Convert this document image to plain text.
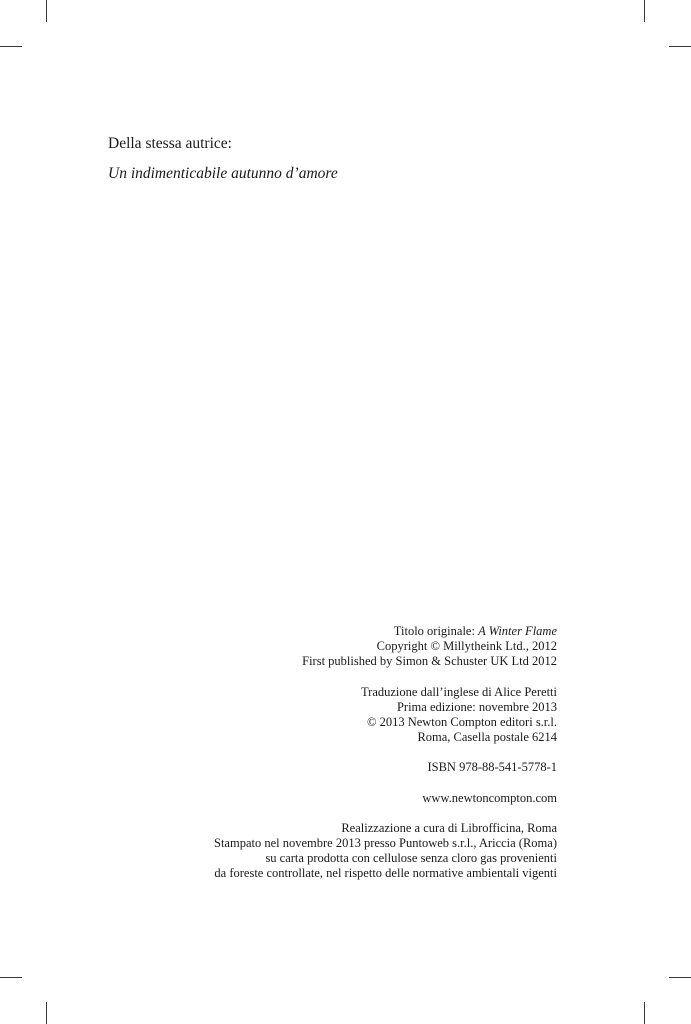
Della stessa autrice:
Un indimenticabile autunno d’amore
Titolo originale: A Winter Flame
Copyright © Millytheink Ltd., 2012
First published by Simon & Schuster UK Ltd 2012
Traduzione dall’inglese di Alice Peretti
Prima edizione: novembre 2013
© 2013 Newton Compton editori s.r.l.
Roma, Casella postale 6214
ISBN 978-88-541-5778-1
www.newtoncompton.com
Realizzazione a cura di Librofficina, Roma
Stampato nel novembre 2013 presso Puntoweb s.r.l., Ariccia (Roma)
su carta prodotta con cellulose senza cloro gas provenienti
da foreste controllate, nel rispetto delle normative ambientali vigenti
